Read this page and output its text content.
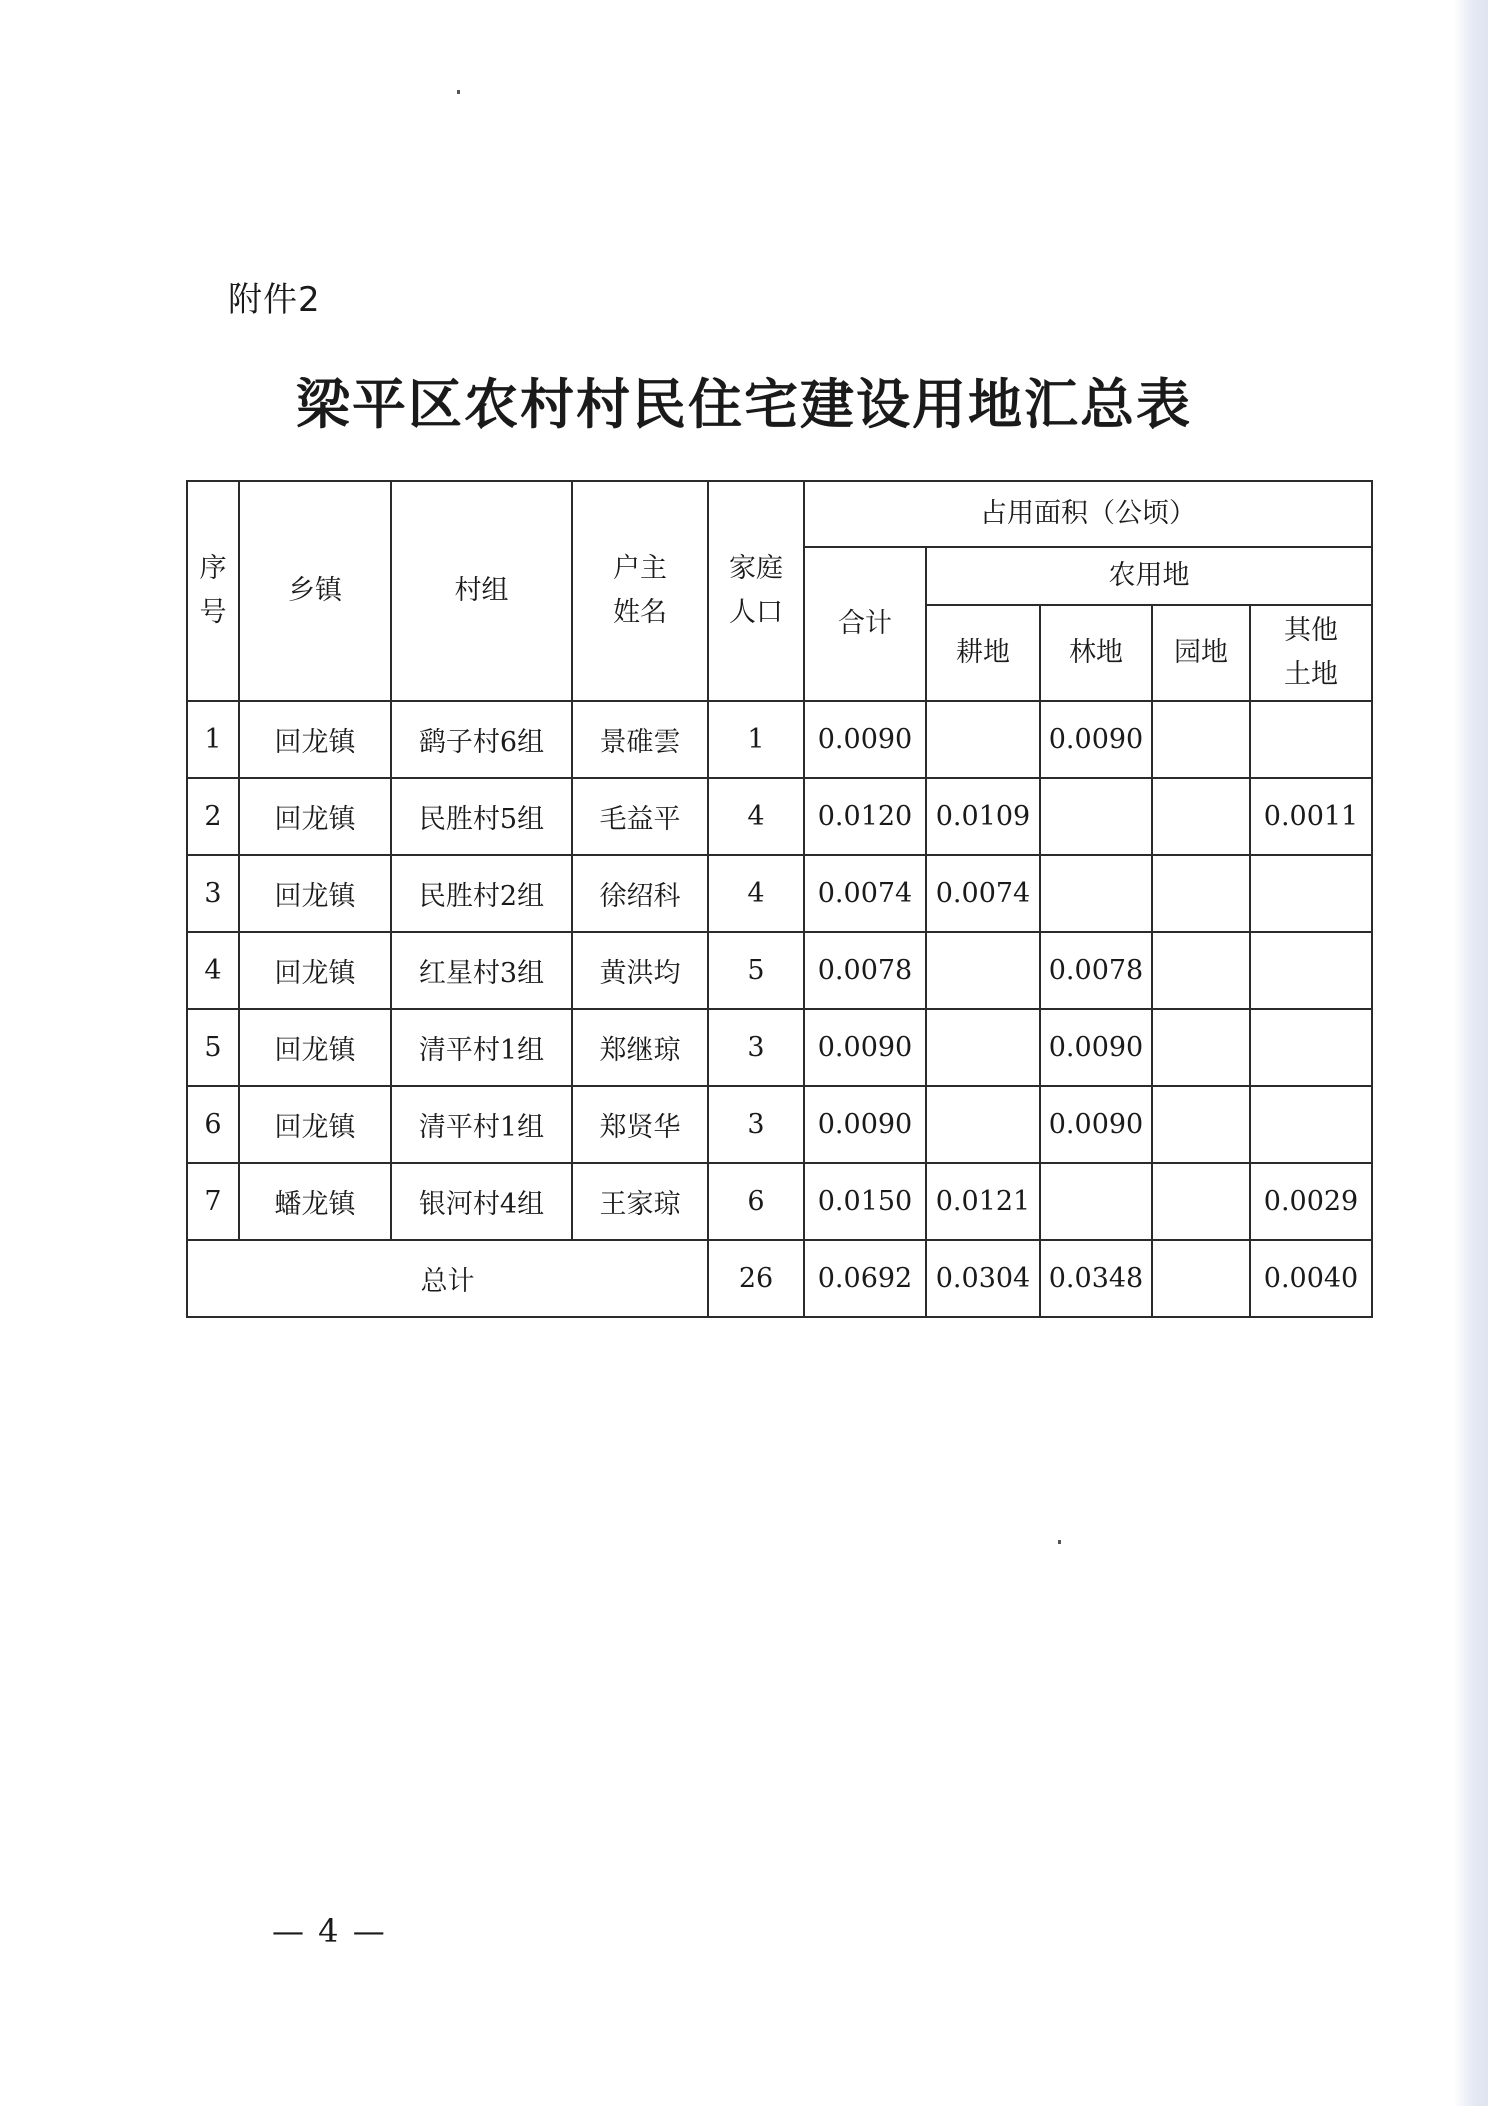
附件2
梁平区农村村民住宅建设用地汇总表
序号	乡镇	村组	户主姓名	家庭人口	占用面积（公顷）				
					合计	农用地			
						耕地	林地	园地	其他土地

1	回龙镇	鹞子村6组	景碓雲	1	0.0090		0.0090		
2	回龙镇	民胜村5组	毛益平	4	0.0120	0.0109			0.0011
3	回龙镇	民胜村2组	徐绍科	4	0.0074	0.0074			
4	回龙镇	红星村3组	黄洪均	5	0.0078		0.0078		
5	回龙镇	清平村1组	郑继琼	3	0.0090		0.0090		
6	回龙镇	清平村1组	郑贤华	3	0.0090		0.0090		
7	蟠龙镇	银河村4组	王家琼	6	0.0150	0.0121			0.0029
总计				26	0.0692	0.0304	0.0348		0.0040
— 4 —
